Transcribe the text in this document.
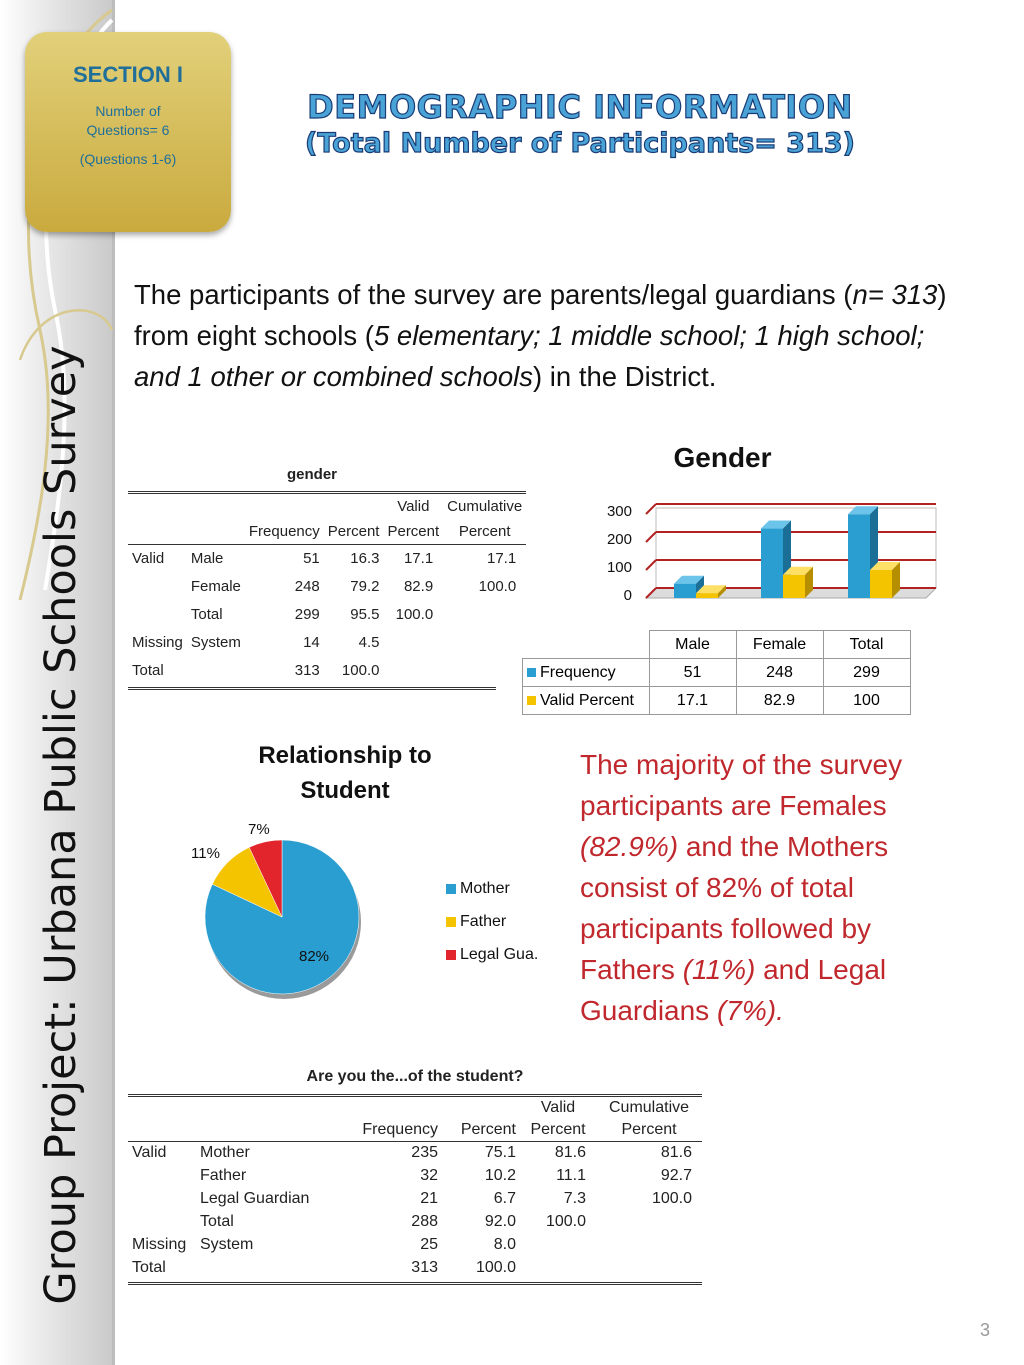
Group Project: Urbana Public Schools Survey
SECTION I
Number of
Questions= 6
(Questions 1-6)
DEMOGRAPHIC INFORMATION
(Total Number of Participants= 313)
The participants of the survey are parents/legal guardians (n= 313) from eight schools (5 elementary; 1 middle school; 1 high school; and 1 other or combined schools) in the District.
gender
				Valid	Cumulative
		Frequency	Percent	Percent	Percent
Valid	Male	51	16.3	17.1	17.1
	Female	248	79.2	82.9	100.0
	Total	299	95.5	100.0	
Missing	System	14	4.5		
Total		313	100.0		
Gender
300
200
100
0
	Male	Female	Total
Frequency	51	248	299
Valid Percent	17.1	82.9	100
Relationship to
Student
7%
11%
82%
Mother
Father
Legal Gua.
The majority of the survey participants are Females (82.9%) and the Mothers consist of 82% of total participants followed by Fathers (11%) and Legal Guardians (7%).
Are you the...of the student?
				Valid	Cumulative
		Frequency	Percent	Percent	Percent
Valid	Mother	235	75.1	81.6	81.6
	Father	32	10.2	11.1	92.7
	Legal Guardian	21	6.7	7.3	100.0
	Total	288	92.0	100.0	
Missing	System	25	8.0		
Total		313	100.0		
3
